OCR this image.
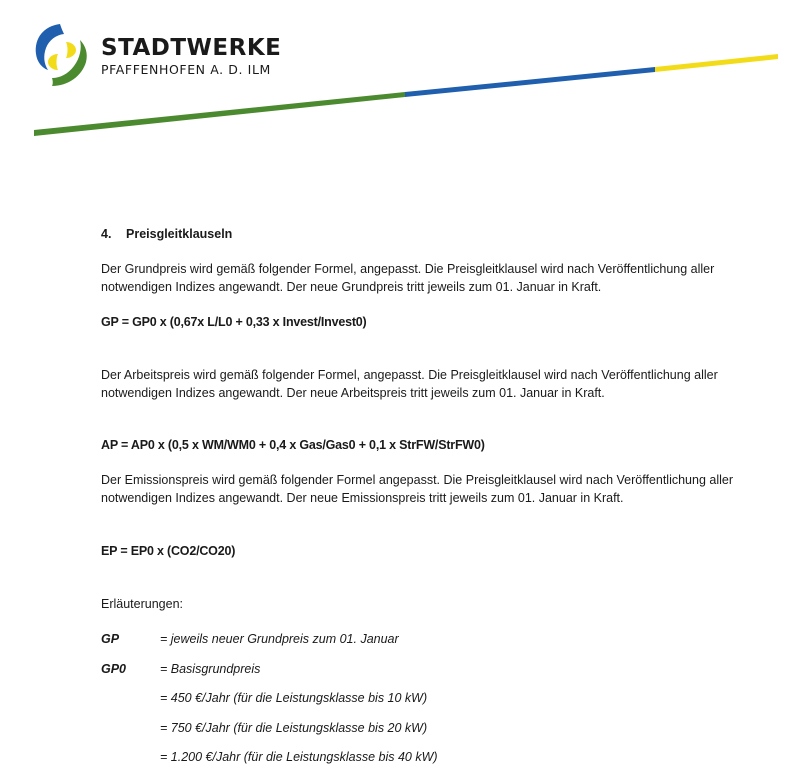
STADTWERKE
PFAFFENHOFEN A. D. ILM

4. Preisgleitklauseln

Der Grundpreis wird gemäß folgender Formel, angepasst. Die Preisgleitklausel wird nach Veröffentlichung aller notwendigen Indizes angewandt. Der neue Grundpreis tritt jeweils zum 01. Januar in Kraft.

GP = GP0 x (0,67x L/L0 + 0,33 x Invest/Invest0)

Der Arbeitspreis wird gemäß folgender Formel, angepasst. Die Preisgleitklausel wird nach Veröffentlichung aller notwendigen Indizes angewandt. Der neue Arbeitspreis tritt jeweils zum 01. Januar in Kraft.

AP = AP0 x (0,5 x WM/WM0 + 0,4 x Gas/Gas0 + 0,1 x StrFW/StrFW0)

Der Emissionspreis wird gemäß folgender Formel angepasst. Die Preisgleitklausel wird nach Veröffentlichung aller notwendigen Indizes angewandt. Der neue Emissionspreis tritt jeweils zum 01. Januar in Kraft.

EP = EP0 x (CO2/CO20)

Erläuterungen:

GP	= jeweils neuer Grundpreis zum 01. Januar
GP0	= Basisgrundpreis
= 450 €/Jahr (für die Leistungsklasse bis 10 kW)
= 750 €/Jahr (für die Leistungsklasse bis 20 kW)
= 1.200 €/Jahr (für die Leistungsklasse bis 40 kW)
